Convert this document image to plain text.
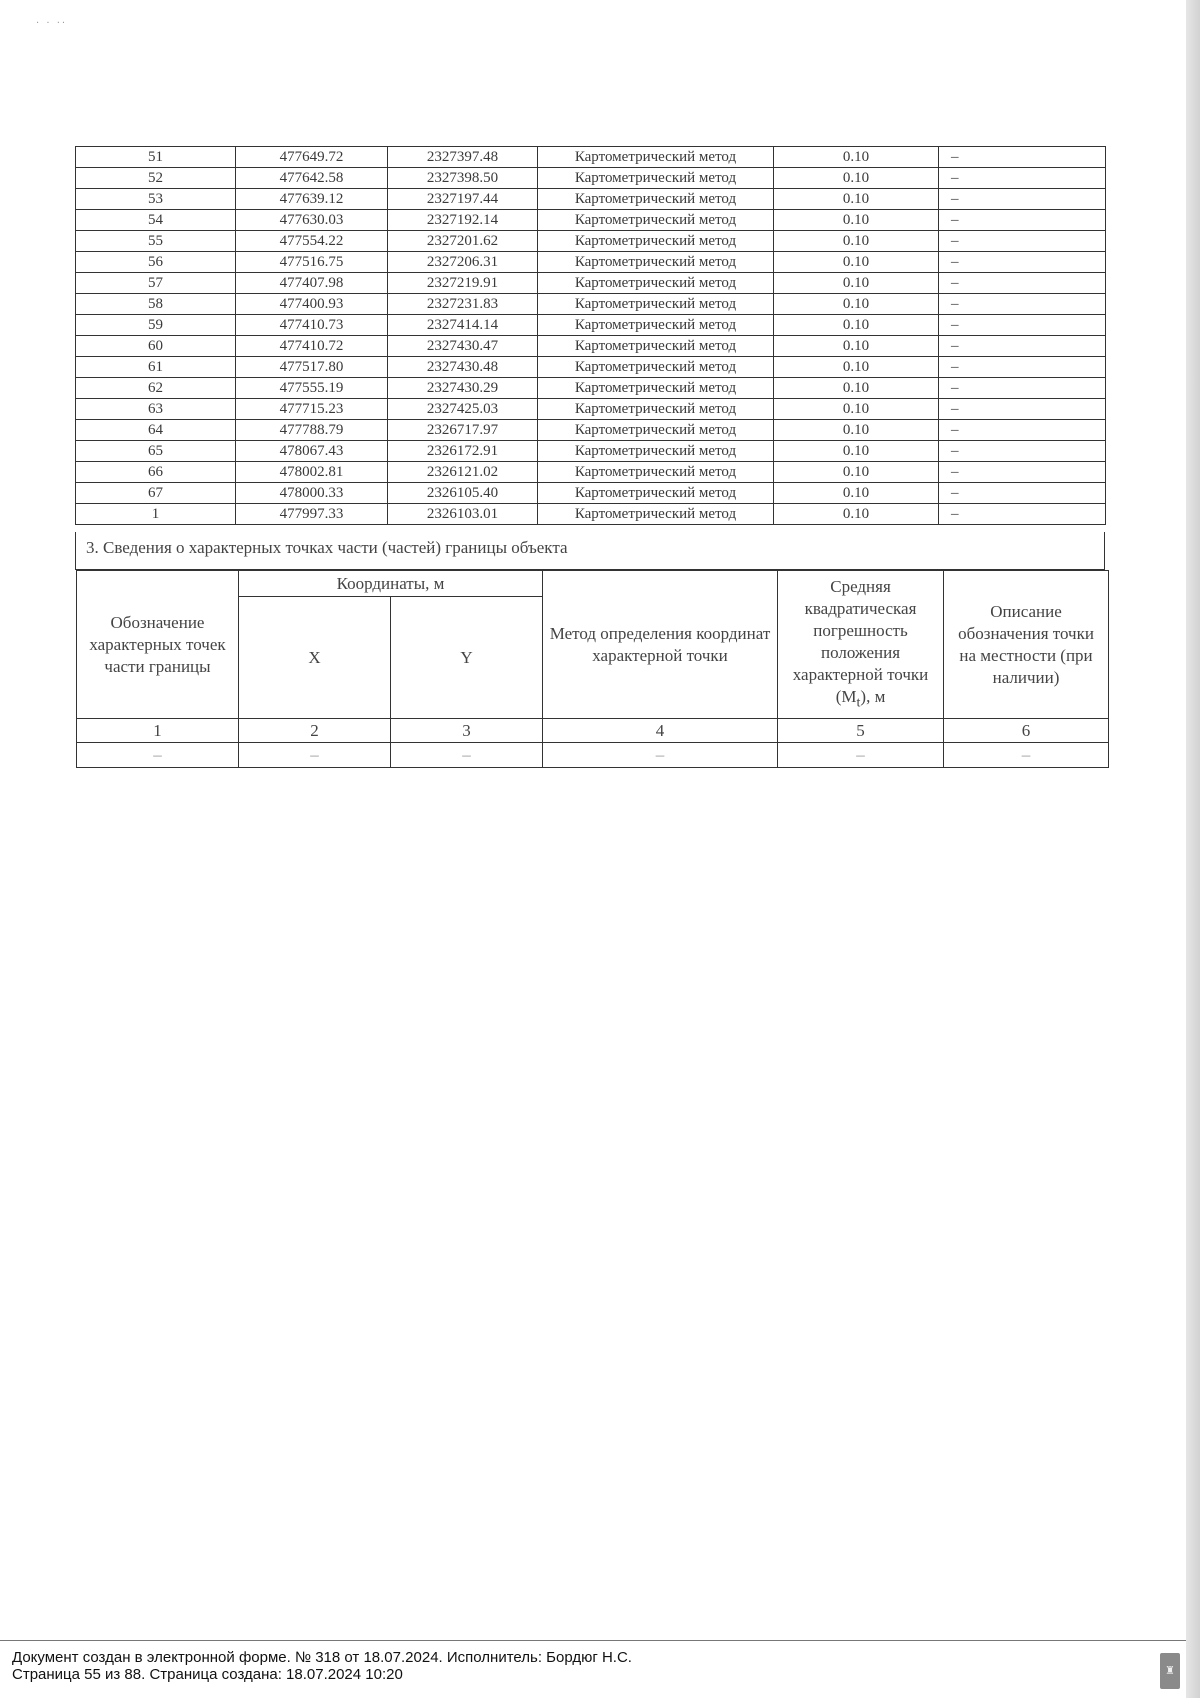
· · ··
51	477649.72	2327397.48	Картометрический метод	0.10	–
52	477642.58	2327398.50	Картометрический метод	0.10	–
53	477639.12	2327197.44	Картометрический метод	0.10	–
54	477630.03	2327192.14	Картометрический метод	0.10	–
55	477554.22	2327201.62	Картометрический метод	0.10	–
56	477516.75	2327206.31	Картометрический метод	0.10	–
57	477407.98	2327219.91	Картометрический метод	0.10	–
58	477400.93	2327231.83	Картометрический метод	0.10	–
59	477410.73	2327414.14	Картометрический метод	0.10	–
60	477410.72	2327430.47	Картометрический метод	0.10	–
61	477517.80	2327430.48	Картометрический метод	0.10	–
62	477555.19	2327430.29	Картометрический метод	0.10	–
63	477715.23	2327425.03	Картометрический метод	0.10	–
64	477788.79	2326717.97	Картометрический метод	0.10	–
65	478067.43	2326172.91	Картометрический метод	0.10	–
66	478002.81	2326121.02	Картометрический метод	0.10	–
67	478000.33	2326105.40	Картометрический метод	0.10	–
1	477997.33	2326103.01	Картометрический метод	0.10	–
3. Сведения о характерных точках части (частей) границы объекта
Обозначение характерных точек части границы	Координаты, м		Метод определения координат характерной точки	Средняя квадратическая погрешность положения характерной точки $(M_t)$, м	Описание обозначения точки на местности (при наличии)
	X	Y			
1	2	3	4	5	6
–	–	–	–	–	–
Документ создан в электронной форме. № 318 от 18.07.2024. Исполнитель: Бордюг Н.С.
Страница 55 из 88. Страница создана: 18.07.2024 10:20	♜
